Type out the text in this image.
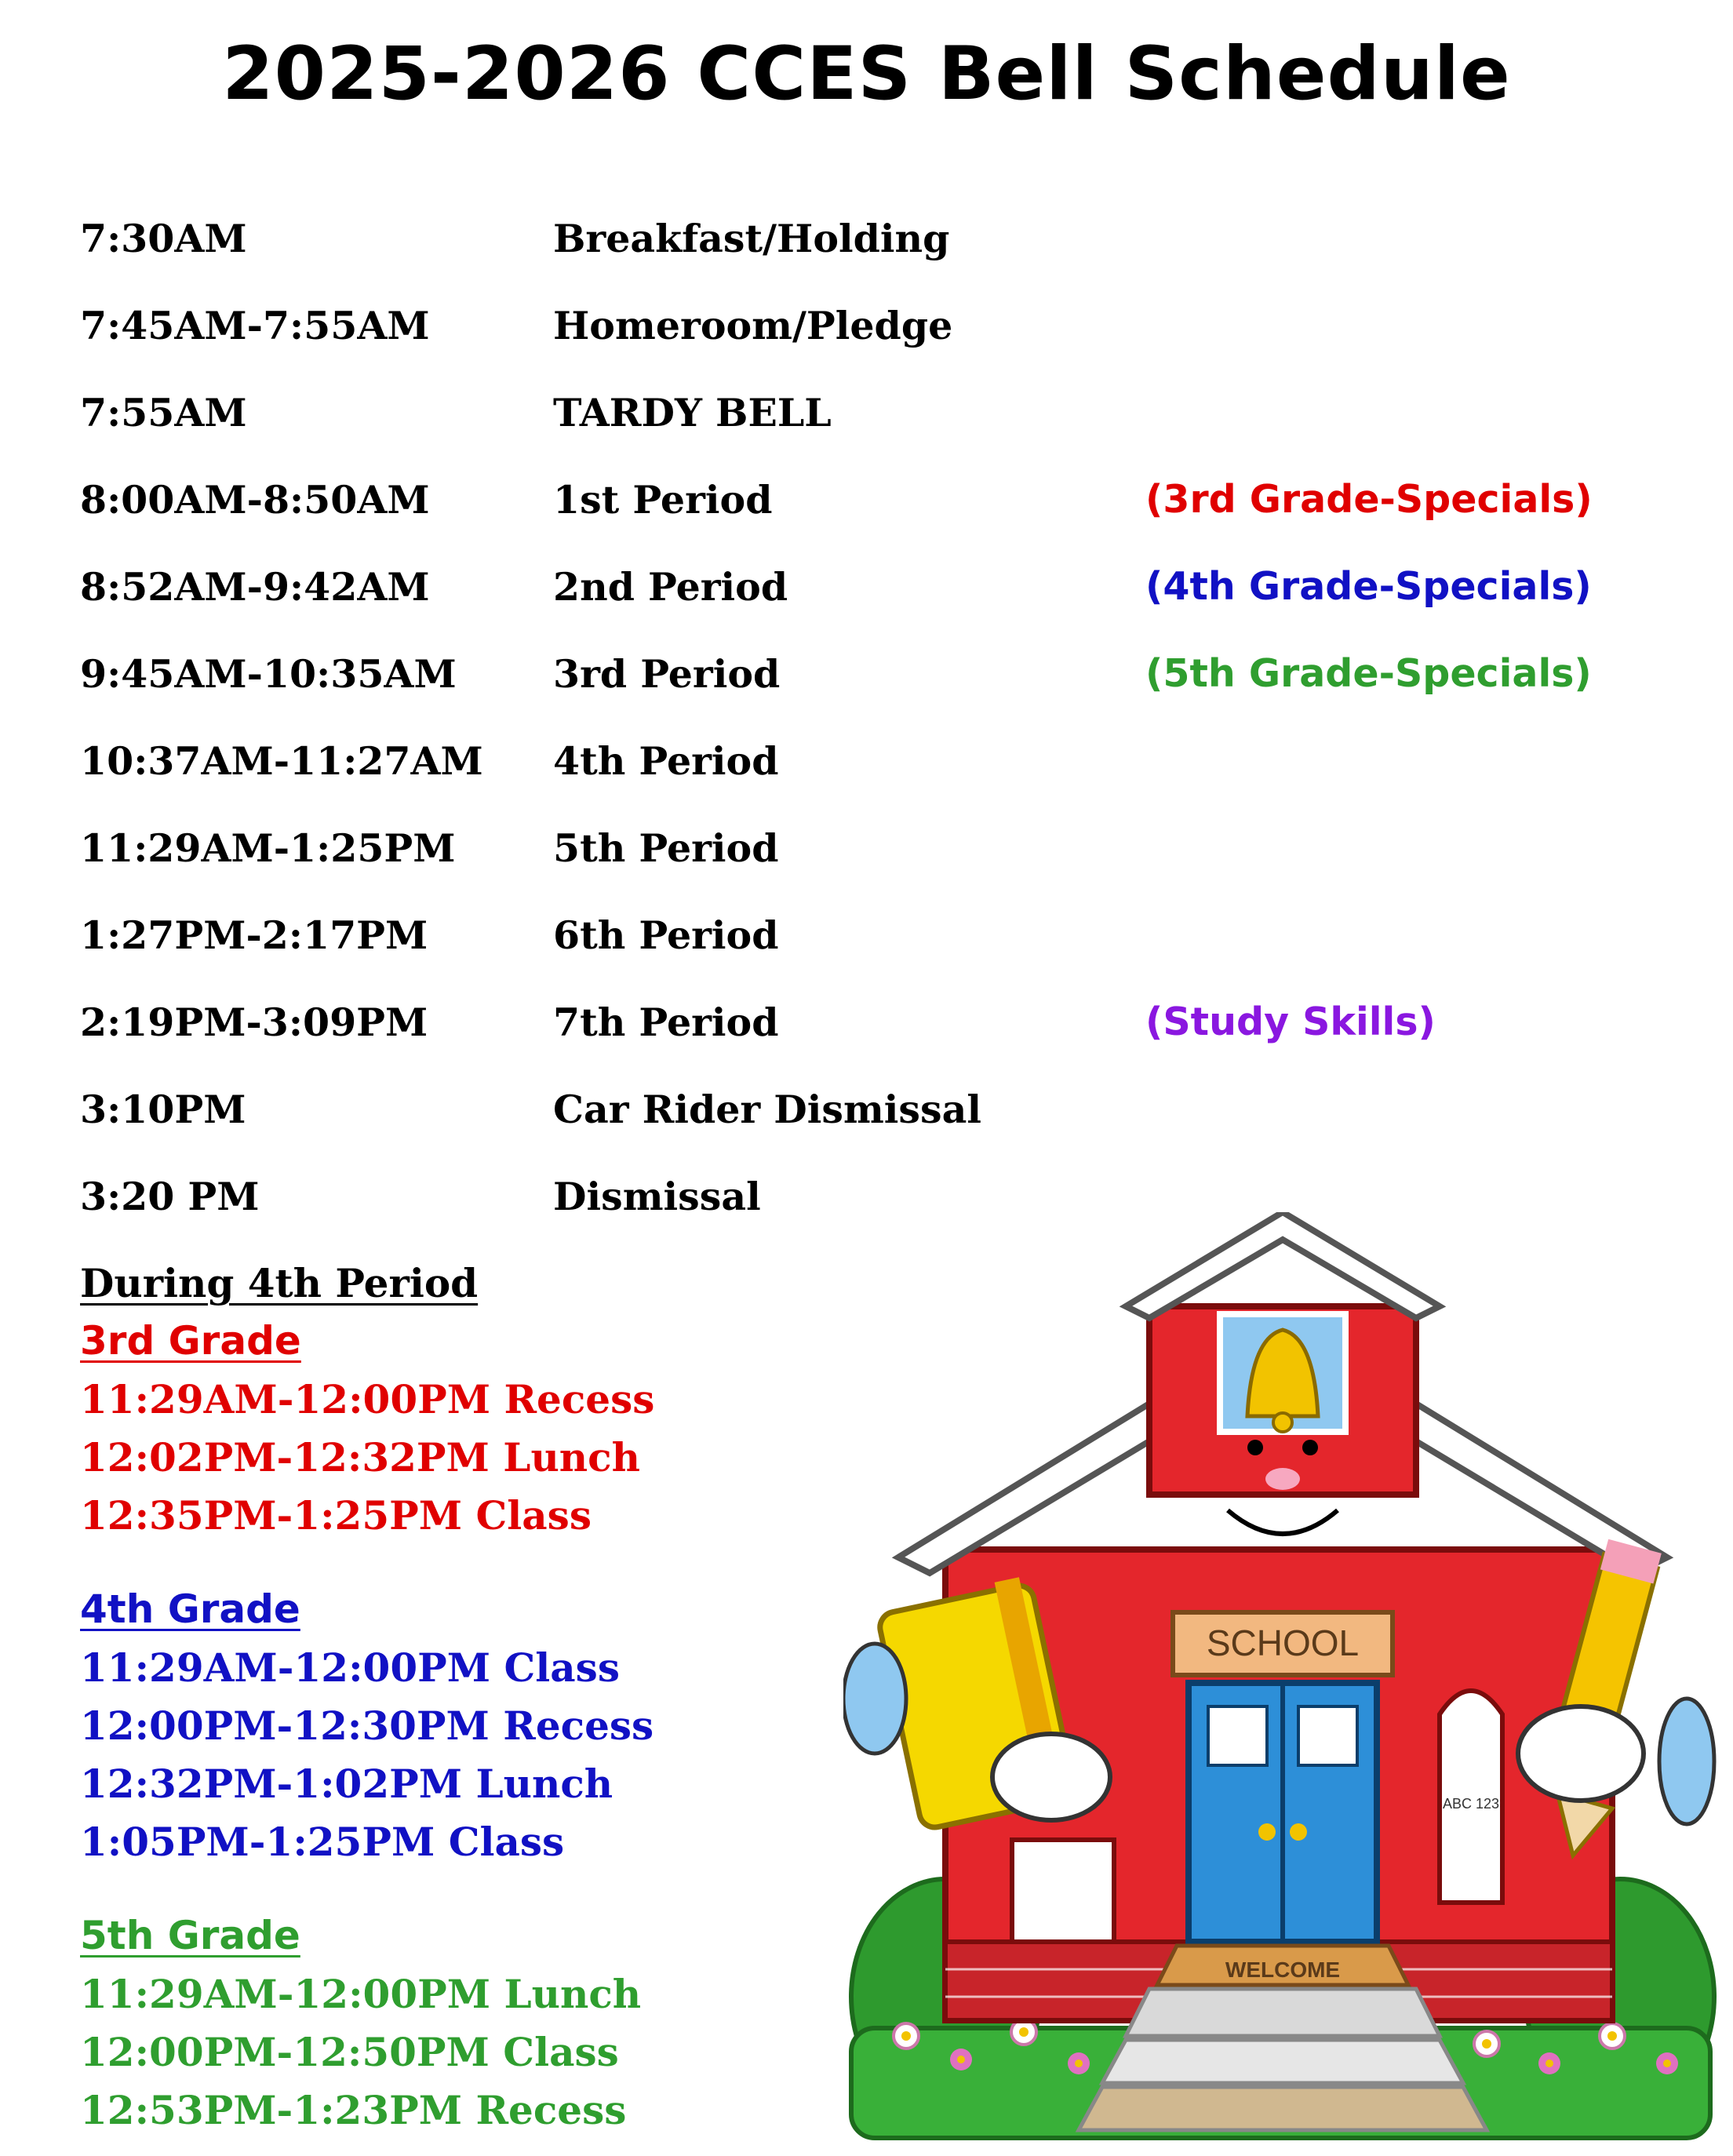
2025-2026 CCES Bell Schedule
7:30AM	Breakfast/Holding
7:45AM-7:55AM	Homeroom/Pledge
7:55AM	TARDY BELL
8:00AM-8:50AM	1st Period	(3rd Grade-Specials)
8:52AM-9:42AM	2nd Period	(4th Grade-Specials)
9:45AM-10:35AM	3rd Period	(5th Grade-Specials)
10:37AM-11:27AM 4th Period
11:29AM-1:25PM	5th Period
1:27PM-2:17PM	6th Period
2:19PM-3:09PM	7th Period	(Study Skills)
3:10PM	Car Rider Dismissal
3:20 PM	Dismissal
During 4th Period
3rd Grade
11:29AM-12:00PM Recess
12:02PM-12:32PM Lunch
12:35PM-1:25PM Class
4th Grade
11:29AM-12:00PM Class
12:00PM-12:30PM Recess
12:32PM-1:02PM Lunch
1:05PM-1:25PM Class
5th Grade
11:29AM-12:00PM Lunch
12:00PM-12:50PM Class
12:53PM-1:23PM Recess
SCHOOL
ABC 123
WELCOME
